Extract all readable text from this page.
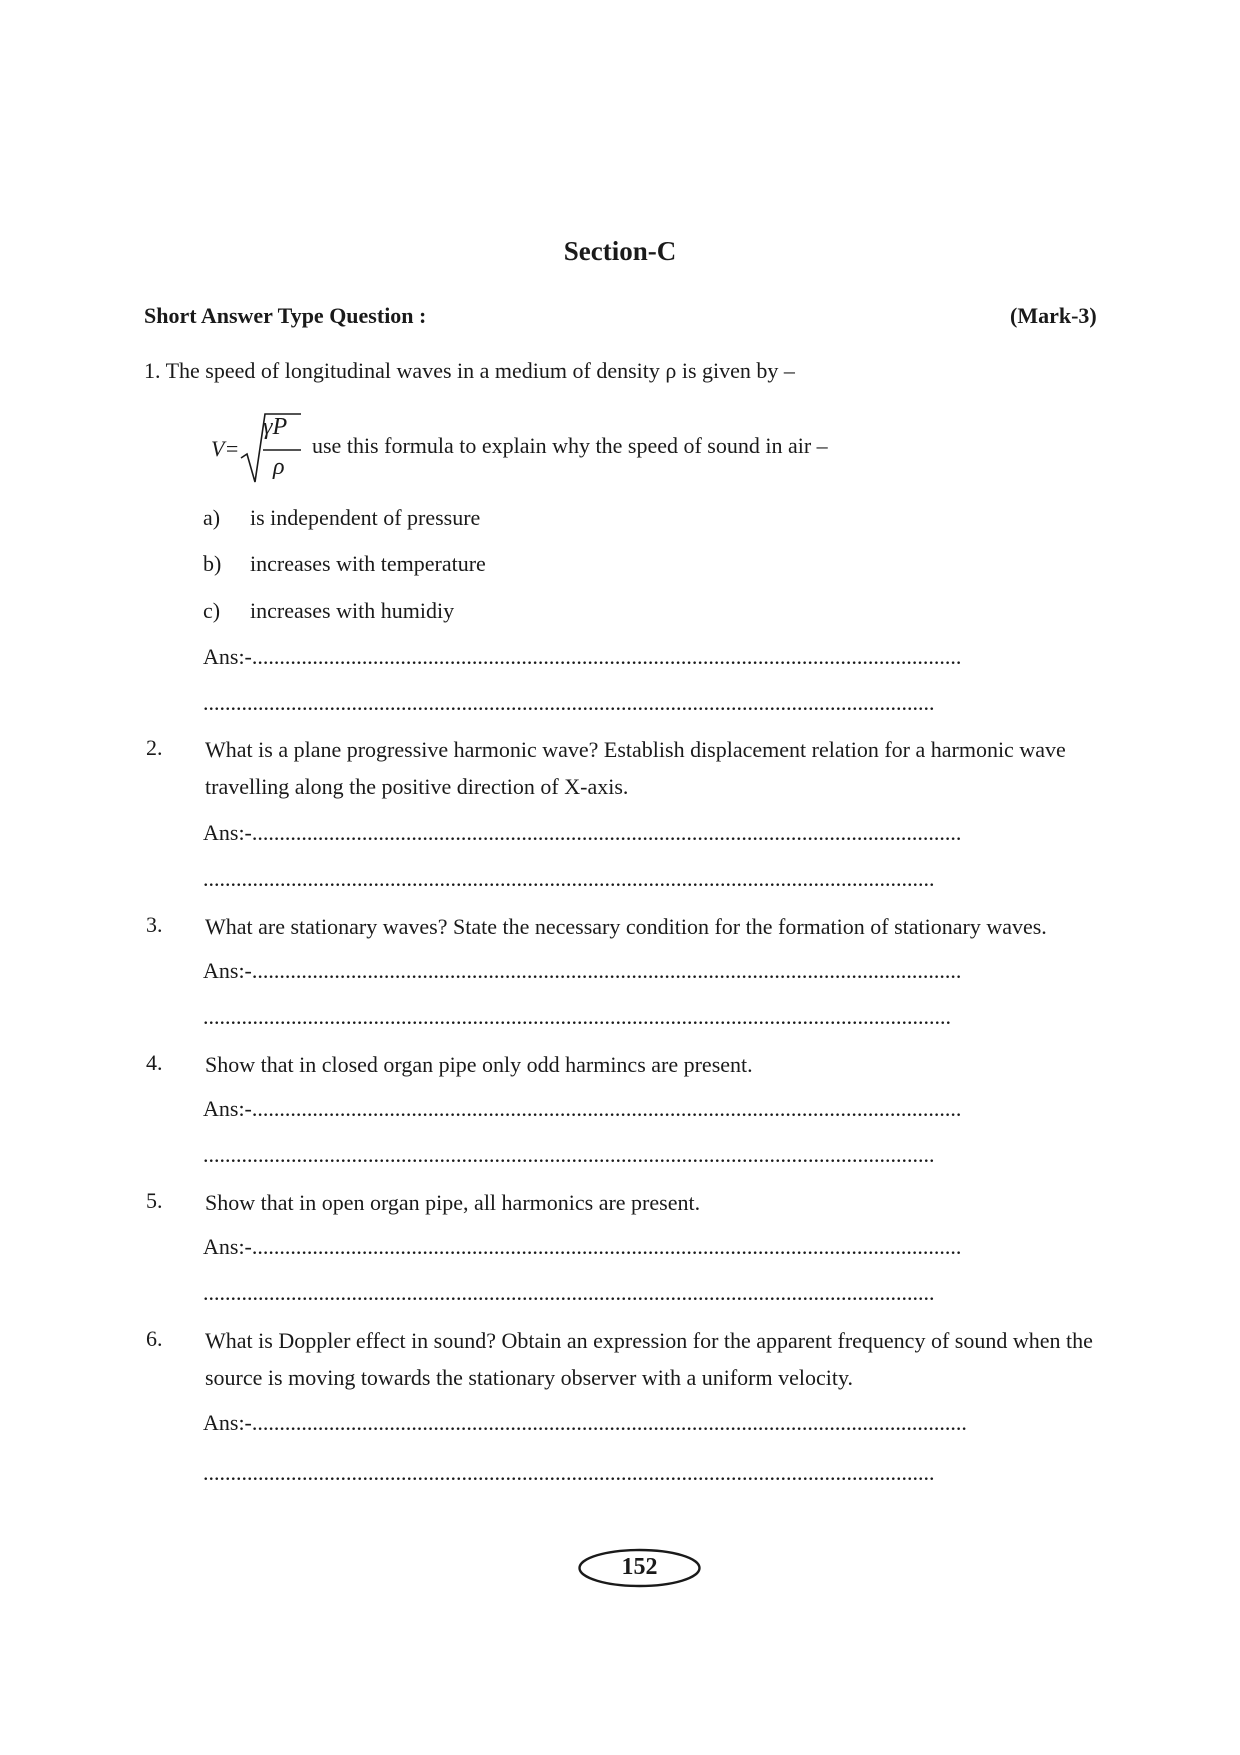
Section-C
Short Answer Type Question :	(Mark-3)
1. The speed of longitudinal waves in a medium of density ρ is given by –
V=
γP
ρ
use this formula to explain why the speed of sound in air –
a) is independent of pressure
b) increases with temperature
c) increases with humidiy
Ans:-.................................................................................................................................
.....................................................................................................................................
2. What is a plane progressive harmonic wave? Establish displacement relation for a harmonic wave travelling along the positive direction of X-axis.
Ans:-.................................................................................................................................
.....................................................................................................................................
3. What are stationary waves? State the necessary condition for the formation of stationary waves.
Ans:-.................................................................................................................................
........................................................................................................................................
4. Show that in closed organ pipe only odd harmincs are present.
Ans:-.................................................................................................................................
.....................................................................................................................................
5. Show that in open organ pipe, all harmonics are present.
Ans:-.................................................................................................................................
.....................................................................................................................................
6. What is Doppler effect in sound? Obtain an expression for the apparent frequency of sound when the source is moving towards the stationary observer with a uniform velocity.
Ans:-..................................................................................................................................
.....................................................................................................................................
152
